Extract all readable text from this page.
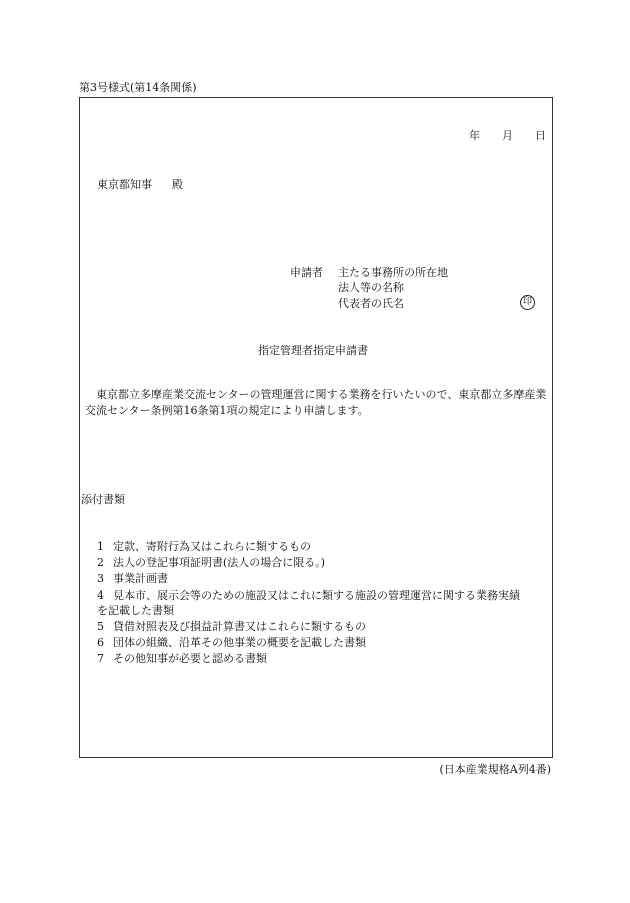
第3号様式(第14条関係)
年 月 日
東京都知事 殿
申請者 主たる事務所の所在地
法人等の名称
代表者の氏名	印
指定管理者指定申請書
東京都立多摩産業交流センターの管理運営に関する業務を行いたいので、東京都立多摩産業交流センター条例第16条第1項の規定により申請します。
添付書類
1 定款、寄附行為又はこれらに類するもの
2 法人の登記事項証明書(法人の場合に限る。)
3 事業計画書
4 見本市、展示会等のための施設又はこれに類する施設の管理運営に関する業務実績
を記載した書類
5 貸借対照表及び損益計算書又はこれらに類するもの
6 団体の組織、沿革その他事業の概要を記載した書類
7 その他知事が必要と認める書類
(日本産業規格A列4番)
